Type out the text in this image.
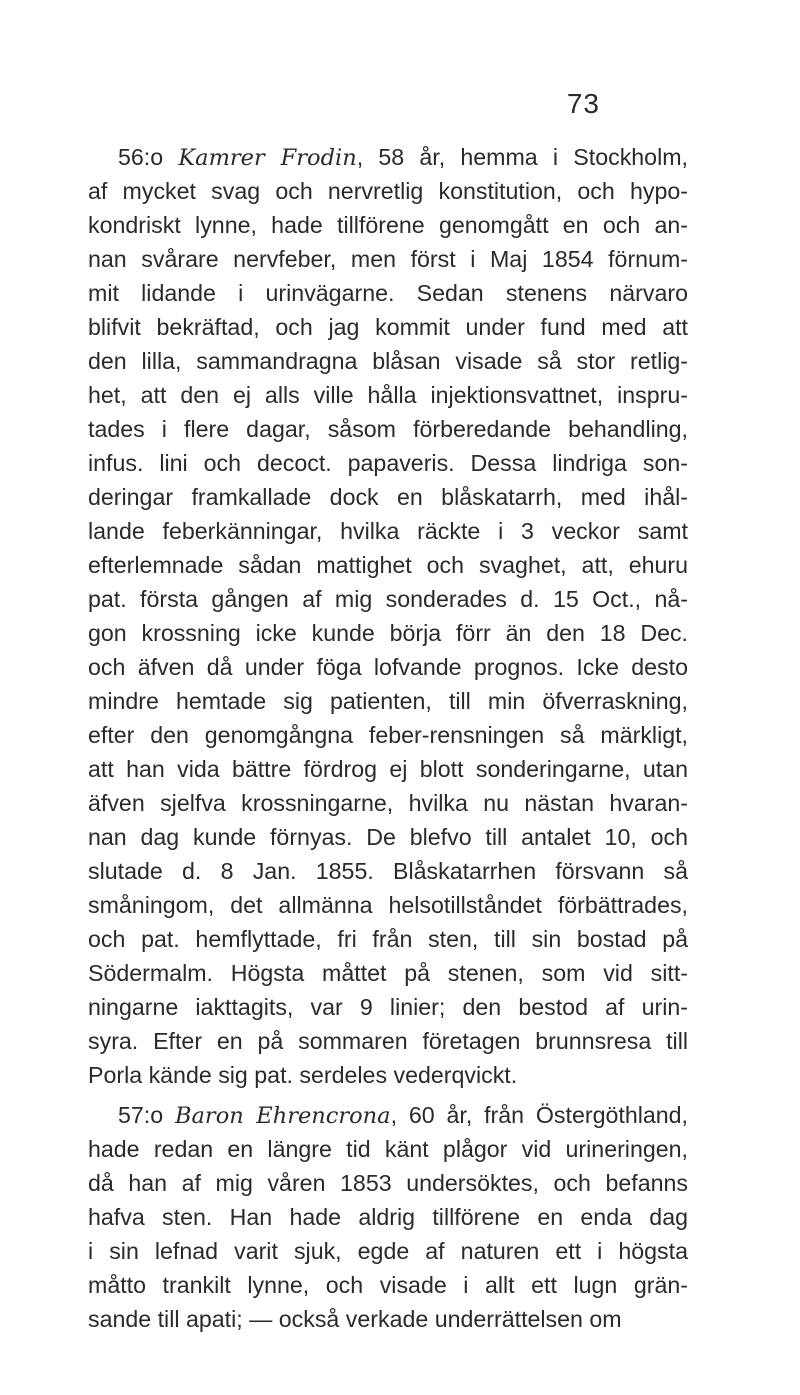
73
56:o Kamrer Frodin, 58 år, hemma i Stockholm,
af mycket svag och nervretlig konstitution, och hypo-
kondriskt lynne, hade tillförene genomgått en och an-
nan svårare nervfeber, men först i Maj 1854 förnum-
mit lidande i urinvägarne. Sedan stenens närvaro
blifvit bekräftad, och jag kommit under fund med att
den lilla, sammandragna blåsan visade så stor retlig-
het, att den ej alls ville hålla injektionsvattnet, inspru-
tades i flere dagar, såsom förberedande behandling,
infus. lini och decoct. papaveris. Dessa lindriga son-
deringar framkallade dock en blåskatarrh, med ihål-
lande feberkänningar, hvilka räckte i 3 veckor samt
efterlemnade sådan mattighet och svaghet, att, ehuru
pat. första gången af mig sonderades d. 15 Oct., nå-
gon krossning icke kunde börja förr än den 18 Dec.
och äfven då under föga lofvande prognos. Icke desto
mindre hemtade sig patienten, till min öfverraskning,
efter den genomgångna feber-rensningen så märkligt,
att han vida bättre fördrog ej blott sonderingarne, utan
äfven sjelfva krossningarne, hvilka nu nästan hvaran-
nan dag kunde förnyas. De blefvo till antalet 10, och
slutade d. 8 Jan. 1855. Blåskatarrhen försvann så
småningom, det allmänna helsotillståndet förbättrades,
och pat. hemflyttade, fri från sten, till sin bostad på
Södermalm. Högsta måttet på stenen, som vid sitt-
ningarne iakttagits, var 9 linier; den bestod af urin-
syra. Efter en på sommaren företagen brunnsresa till
Porla kände sig pat. serdeles vederqvickt.
57:o Baron Ehrencrona, 60 år, från Östergöthland,
hade redan en längre tid känt plågor vid urineringen,
då han af mig våren 1853 undersöktes, och befanns
hafva sten. Han hade aldrig tillförene en enda dag
i sin lefnad varit sjuk, egde af naturen ett i högsta
måtto trankilt lynne, och visade i allt ett lugn grän-
sande till apati; — också verkade underrättelsen om
